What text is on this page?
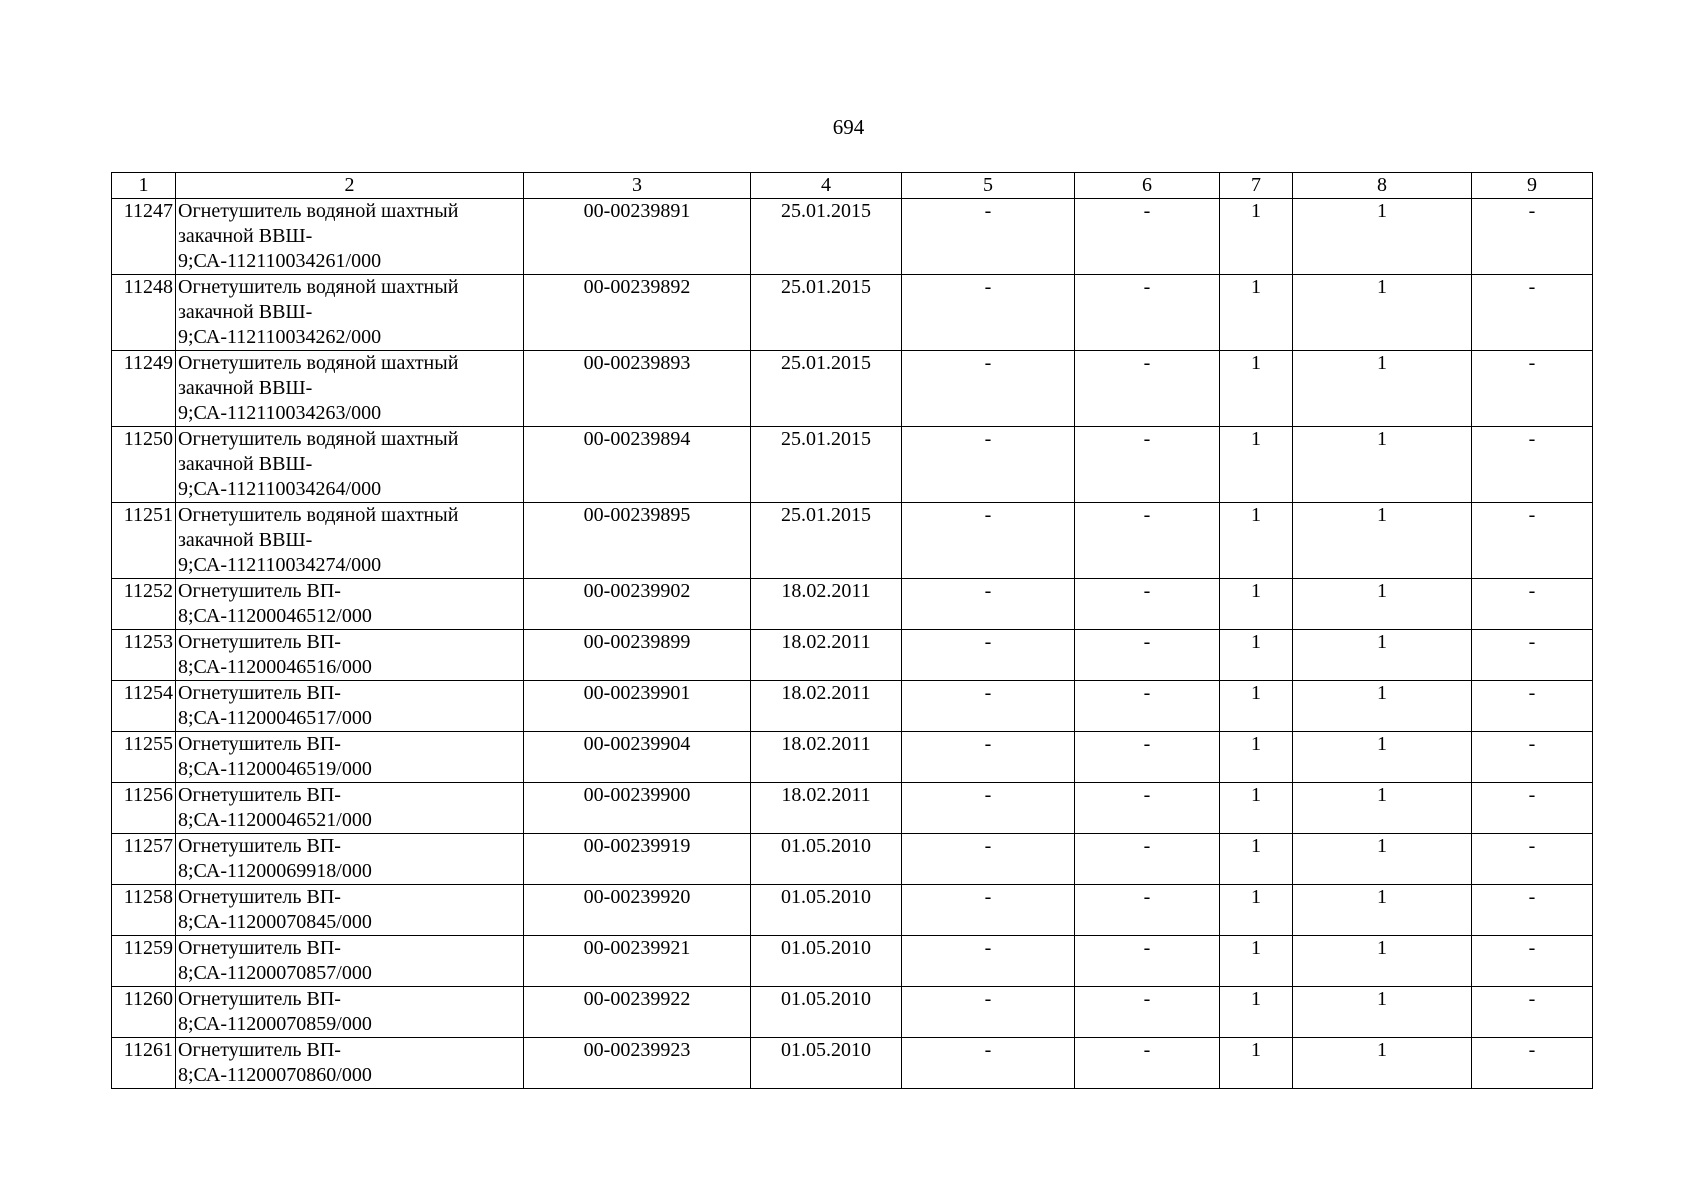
694
1	2	3	4	5	6	7	8	9
11247	Огнетушитель водяной шахтный
закачной ВВШ-
9;СА-112110034261/000	00-00239891	25.01.2015	-	-	1	1	-
11248	Огнетушитель водяной шахтный
закачной ВВШ-
9;СА-112110034262/000	00-00239892	25.01.2015	-	-	1	1	-
11249	Огнетушитель водяной шахтный
закачной ВВШ-
9;СА-112110034263/000	00-00239893	25.01.2015	-	-	1	1	-
11250	Огнетушитель водяной шахтный
закачной ВВШ-
9;СА-112110034264/000	00-00239894	25.01.2015	-	-	1	1	-
11251	Огнетушитель водяной шахтный
закачной ВВШ-
9;СА-112110034274/000	00-00239895	25.01.2015	-	-	1	1	-
11252	Огнетушитель ВП-
8;СА-11200046512/000	00-00239902	18.02.2011	-	-	1	1	-
11253	Огнетушитель ВП-
8;СА-11200046516/000	00-00239899	18.02.2011	-	-	1	1	-
11254	Огнетушитель ВП-
8;СА-11200046517/000	00-00239901	18.02.2011	-	-	1	1	-
11255	Огнетушитель ВП-
8;СА-11200046519/000	00-00239904	18.02.2011	-	-	1	1	-
11256	Огнетушитель ВП-
8;СА-11200046521/000	00-00239900	18.02.2011	-	-	1	1	-
11257	Огнетушитель ВП-
8;СА-11200069918/000	00-00239919	01.05.2010	-	-	1	1	-
11258	Огнетушитель ВП-
8;СА-11200070845/000	00-00239920	01.05.2010	-	-	1	1	-
11259	Огнетушитель ВП-
8;СА-11200070857/000	00-00239921	01.05.2010	-	-	1	1	-
11260	Огнетушитель ВП-
8;СА-11200070859/000	00-00239922	01.05.2010	-	-	1	1	-
11261	Огнетушитель ВП-
8;СА-11200070860/000	00-00239923	01.05.2010	-	-	1	1	-
